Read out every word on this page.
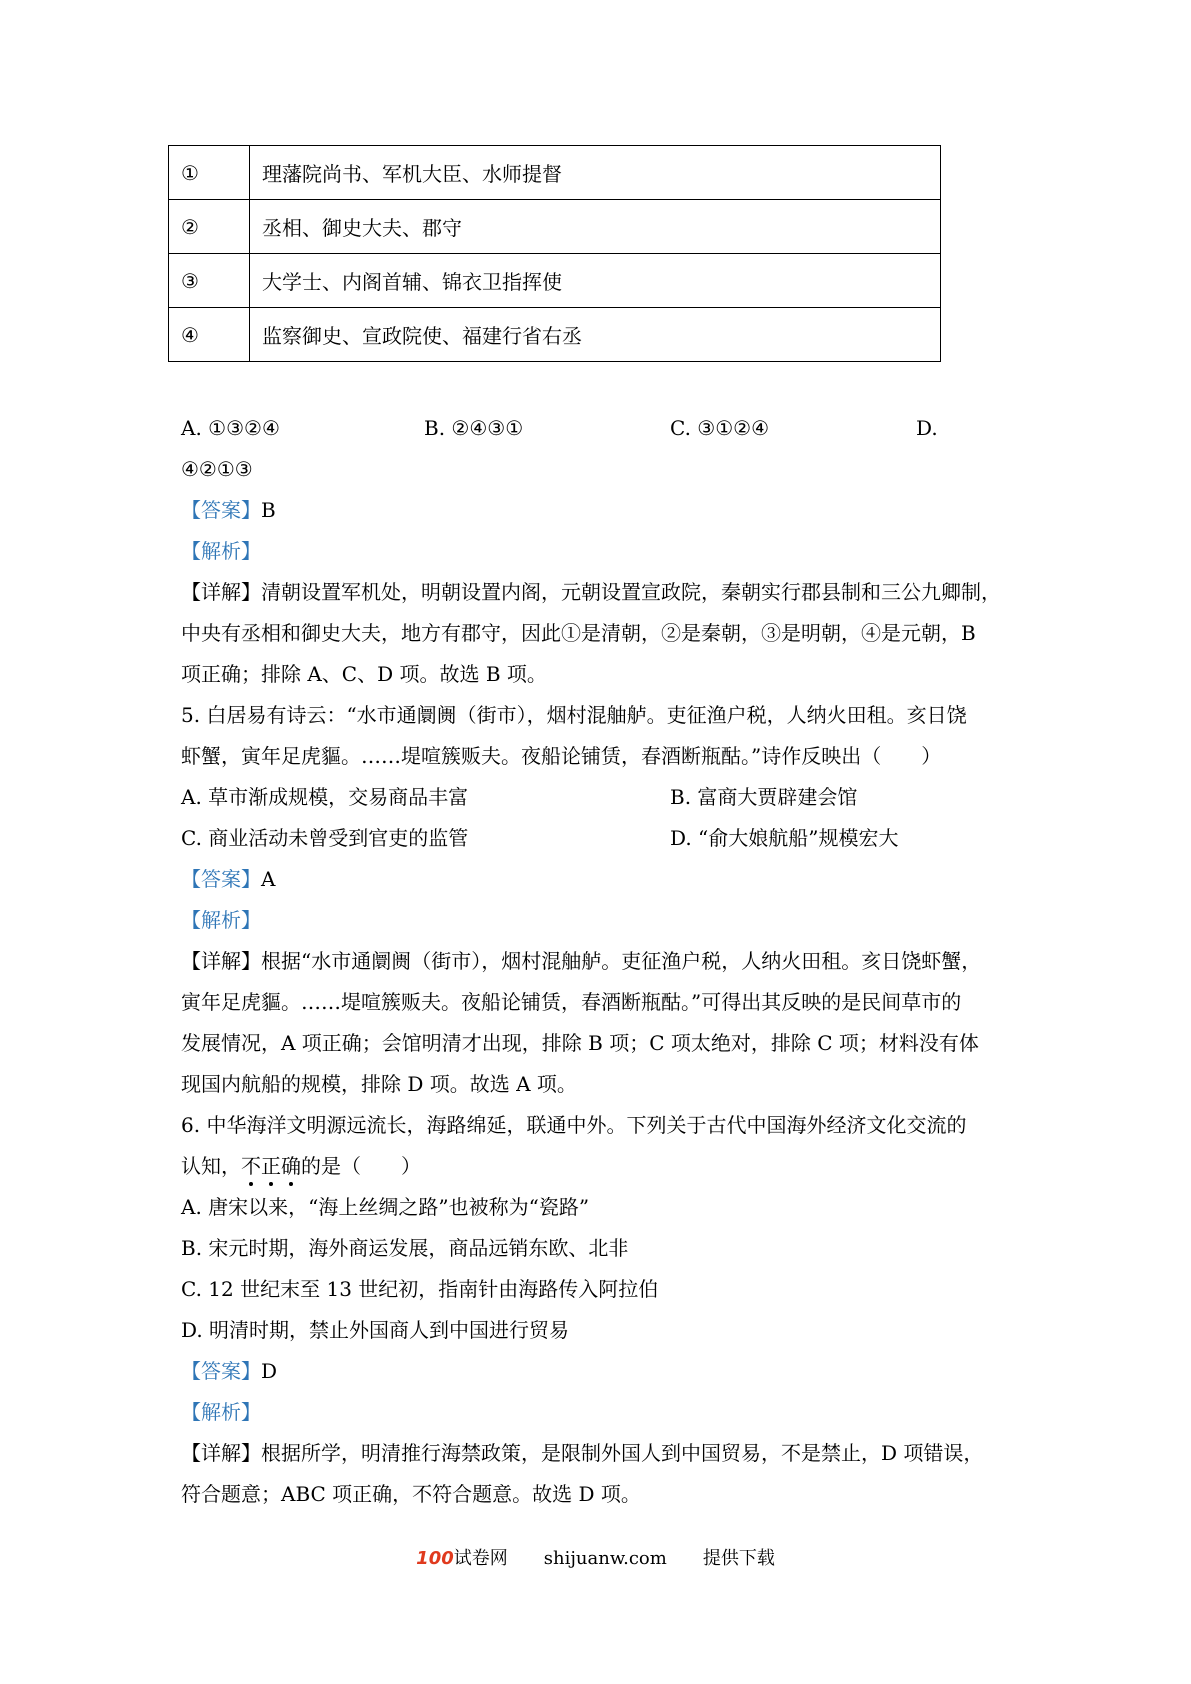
①	理藩院尚书、军机大臣、水师提督
②	丞相、御史大夫、郡守
③	大学士、内阁首辅、锦衣卫指挥使
④	监察御史、宣政院使、福建行省右丞
A. ①③②④	B. ②④③①	C. ③①②④	D.
④②①③
【答案】B
【解析】
【详解】清朝设置军机处，明朝设置内阁，元朝设置宣政院，秦朝实行郡县制和三公九卿制，
中央有丞相和御史大夫，地方有郡守，因此①是清朝，②是秦朝，③是明朝，④是元朝，B
项正确；排除 A、C、D 项。故选 B 项。
5. 白居易有诗云：“水市通阛阓（街市），烟村混舳舻。吏征渔户税，人纳火田租。亥日饶
虾蟹，寅年足虎貙。……堤喧簇贩夫。夜船论铺赁，春酒断瓶酤。”诗作反映出（　　）
A. 草市渐成规模，交易商品丰富	B. 富商大贾辟建会馆
C. 商业活动未曾受到官吏的监管	D. “俞大娘航船”规模宏大
【答案】A
【解析】
【详解】根据“水市通阛阓（街市），烟村混舳舻。吏征渔户税，人纳火田租。亥日饶虾蟹，
寅年足虎貙。……堤喧簇贩夫。夜船论铺赁，春酒断瓶酤。”可得出其反映的是民间草市的
发展情况，A 项正确；会馆明清才出现，排除 B 项；C 项太绝对，排除 C 项；材料没有体
现国内航船的规模，排除 D 项。故选 A 项。
6. 中华海洋文明源远流长，海路绵延，联通中外。下列关于古代中国海外经济文化交流的
认知，不正确的是（　　）
A. 唐宋以来，“海上丝绸之路”也被称为“瓷路”
B. 宋元时期，海外商运发展，商品远销东欧、北非
C. 12 世纪末至 13 世纪初，指南针由海路传入阿拉伯
D. 明清时期，禁止外国商人到中国进行贸易
【答案】D
【解析】
【详解】根据所学，明清推行海禁政策，是限制外国人到中国贸易，不是禁止，D 项错误，
符合题意；ABC 项正确，不符合题意。故选 D 项。
100试卷网 shijuanw.com 提供下载
